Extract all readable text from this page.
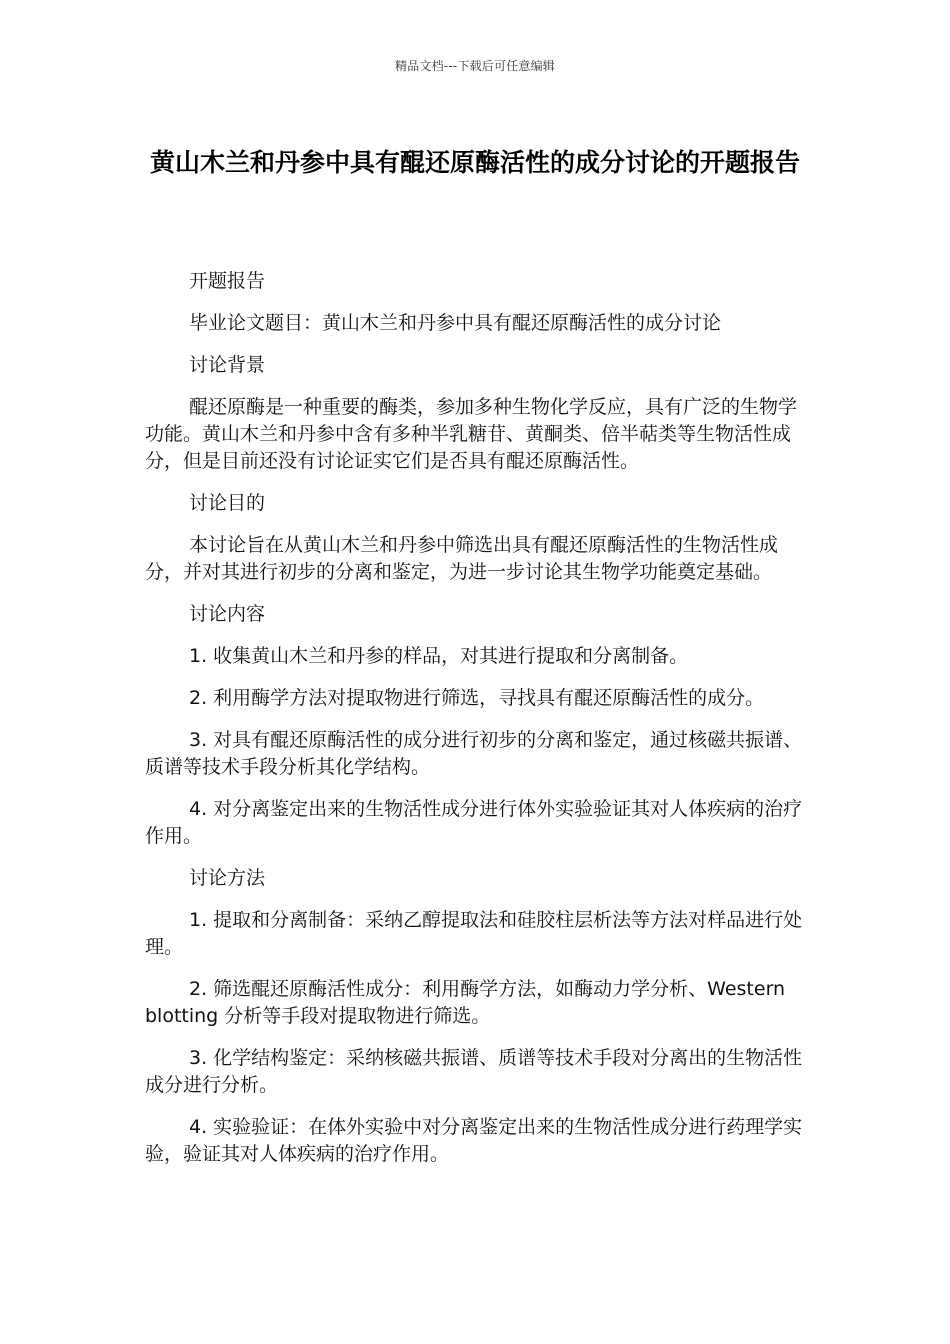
精品文档---下载后可任意编辑
黄山木兰和丹参中具有醌还原酶活性的成分讨论的开题报告

开题报告

毕业论文题目：黄山木兰和丹参中具有醌还原酶活性的成分讨论

讨论背景

醌还原酶是一种重要的酶类，参加多种生物化学反应，具有广泛的生物学功能。黄山木兰和丹参中含有多种半乳糖苷、黄酮类、倍半萜类等生物活性成分，但是目前还没有讨论证实它们是否具有醌还原酶活性。

讨论目的

本讨论旨在从黄山木兰和丹参中筛选出具有醌还原酶活性的生物活性成分，并对其进行初步的分离和鉴定，为进一步讨论其生物学功能奠定基础。

讨论内容

1. 收集黄山木兰和丹参的样品，对其进行提取和分离制备。

2. 利用酶学方法对提取物进行筛选，寻找具有醌还原酶活性的成分。

3. 对具有醌还原酶活性的成分进行初步的分离和鉴定，通过核磁共振谱、质谱等技术手段分析其化学结构。

4. 对分离鉴定出来的生物活性成分进行体外实验验证其对人体疾病的治疗作用。

讨论方法

1. 提取和分离制备：采纳乙醇提取法和硅胶柱层析法等方法对样品进行处理。

2. 筛选醌还原酶活性成分：利用酶学方法，如酶动力学分析、Western blotting 分析等手段对提取物进行筛选。

3. 化学结构鉴定：采纳核磁共振谱、质谱等技术手段对分离出的生物活性成分进行分析。

4. 实验验证：在体外实验中对分离鉴定出来的生物活性成分进行药理学实验，验证其对人体疾病的治疗作用。
